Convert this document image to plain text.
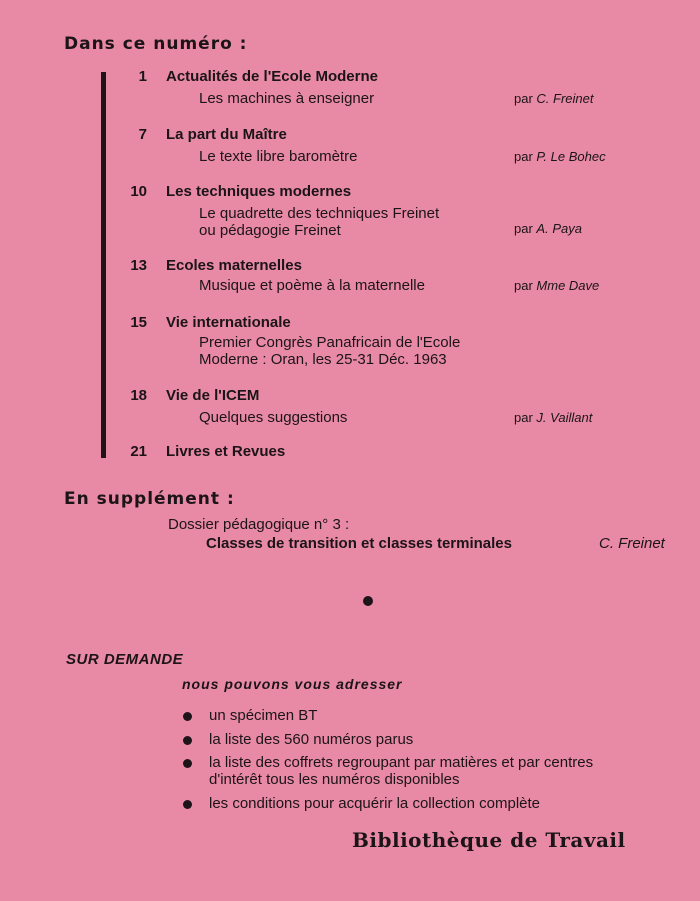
Dans ce numéro :
1 Actualités de l'Ecole Moderne
Les machines à enseigner	par C. Freinet
7 La part du Maître
Le texte libre baromètre	par P. Le Bohec
10 Les techniques modernes
Le quadrette des techniques Freinet
ou pédagogie Freinet	par A. Paya
13 Ecoles maternelles
Musique et poème à la maternelle	par Mme Dave
15 Vie internationale
Premier Congrès Panafricain de l'Ecole
Moderne : Oran, les 25-31 Déc. 1963
18 Vie de l'ICEM
Quelques suggestions	par J. Vaillant
21 Livres et Revues
En supplément :
Dossier pédagogique n° 3 :
Classes de transition et classes terminales	C. Freinet
SUR DEMANDE
nous pouvons vous adresser
un spécimen BT
la liste des 560 numéros parus
la liste des coffrets regroupant par matières et par centres
d'intérêt tous les numéros disponibles
les conditions pour acquérir la collection complète
Bibliothèque de Travail
